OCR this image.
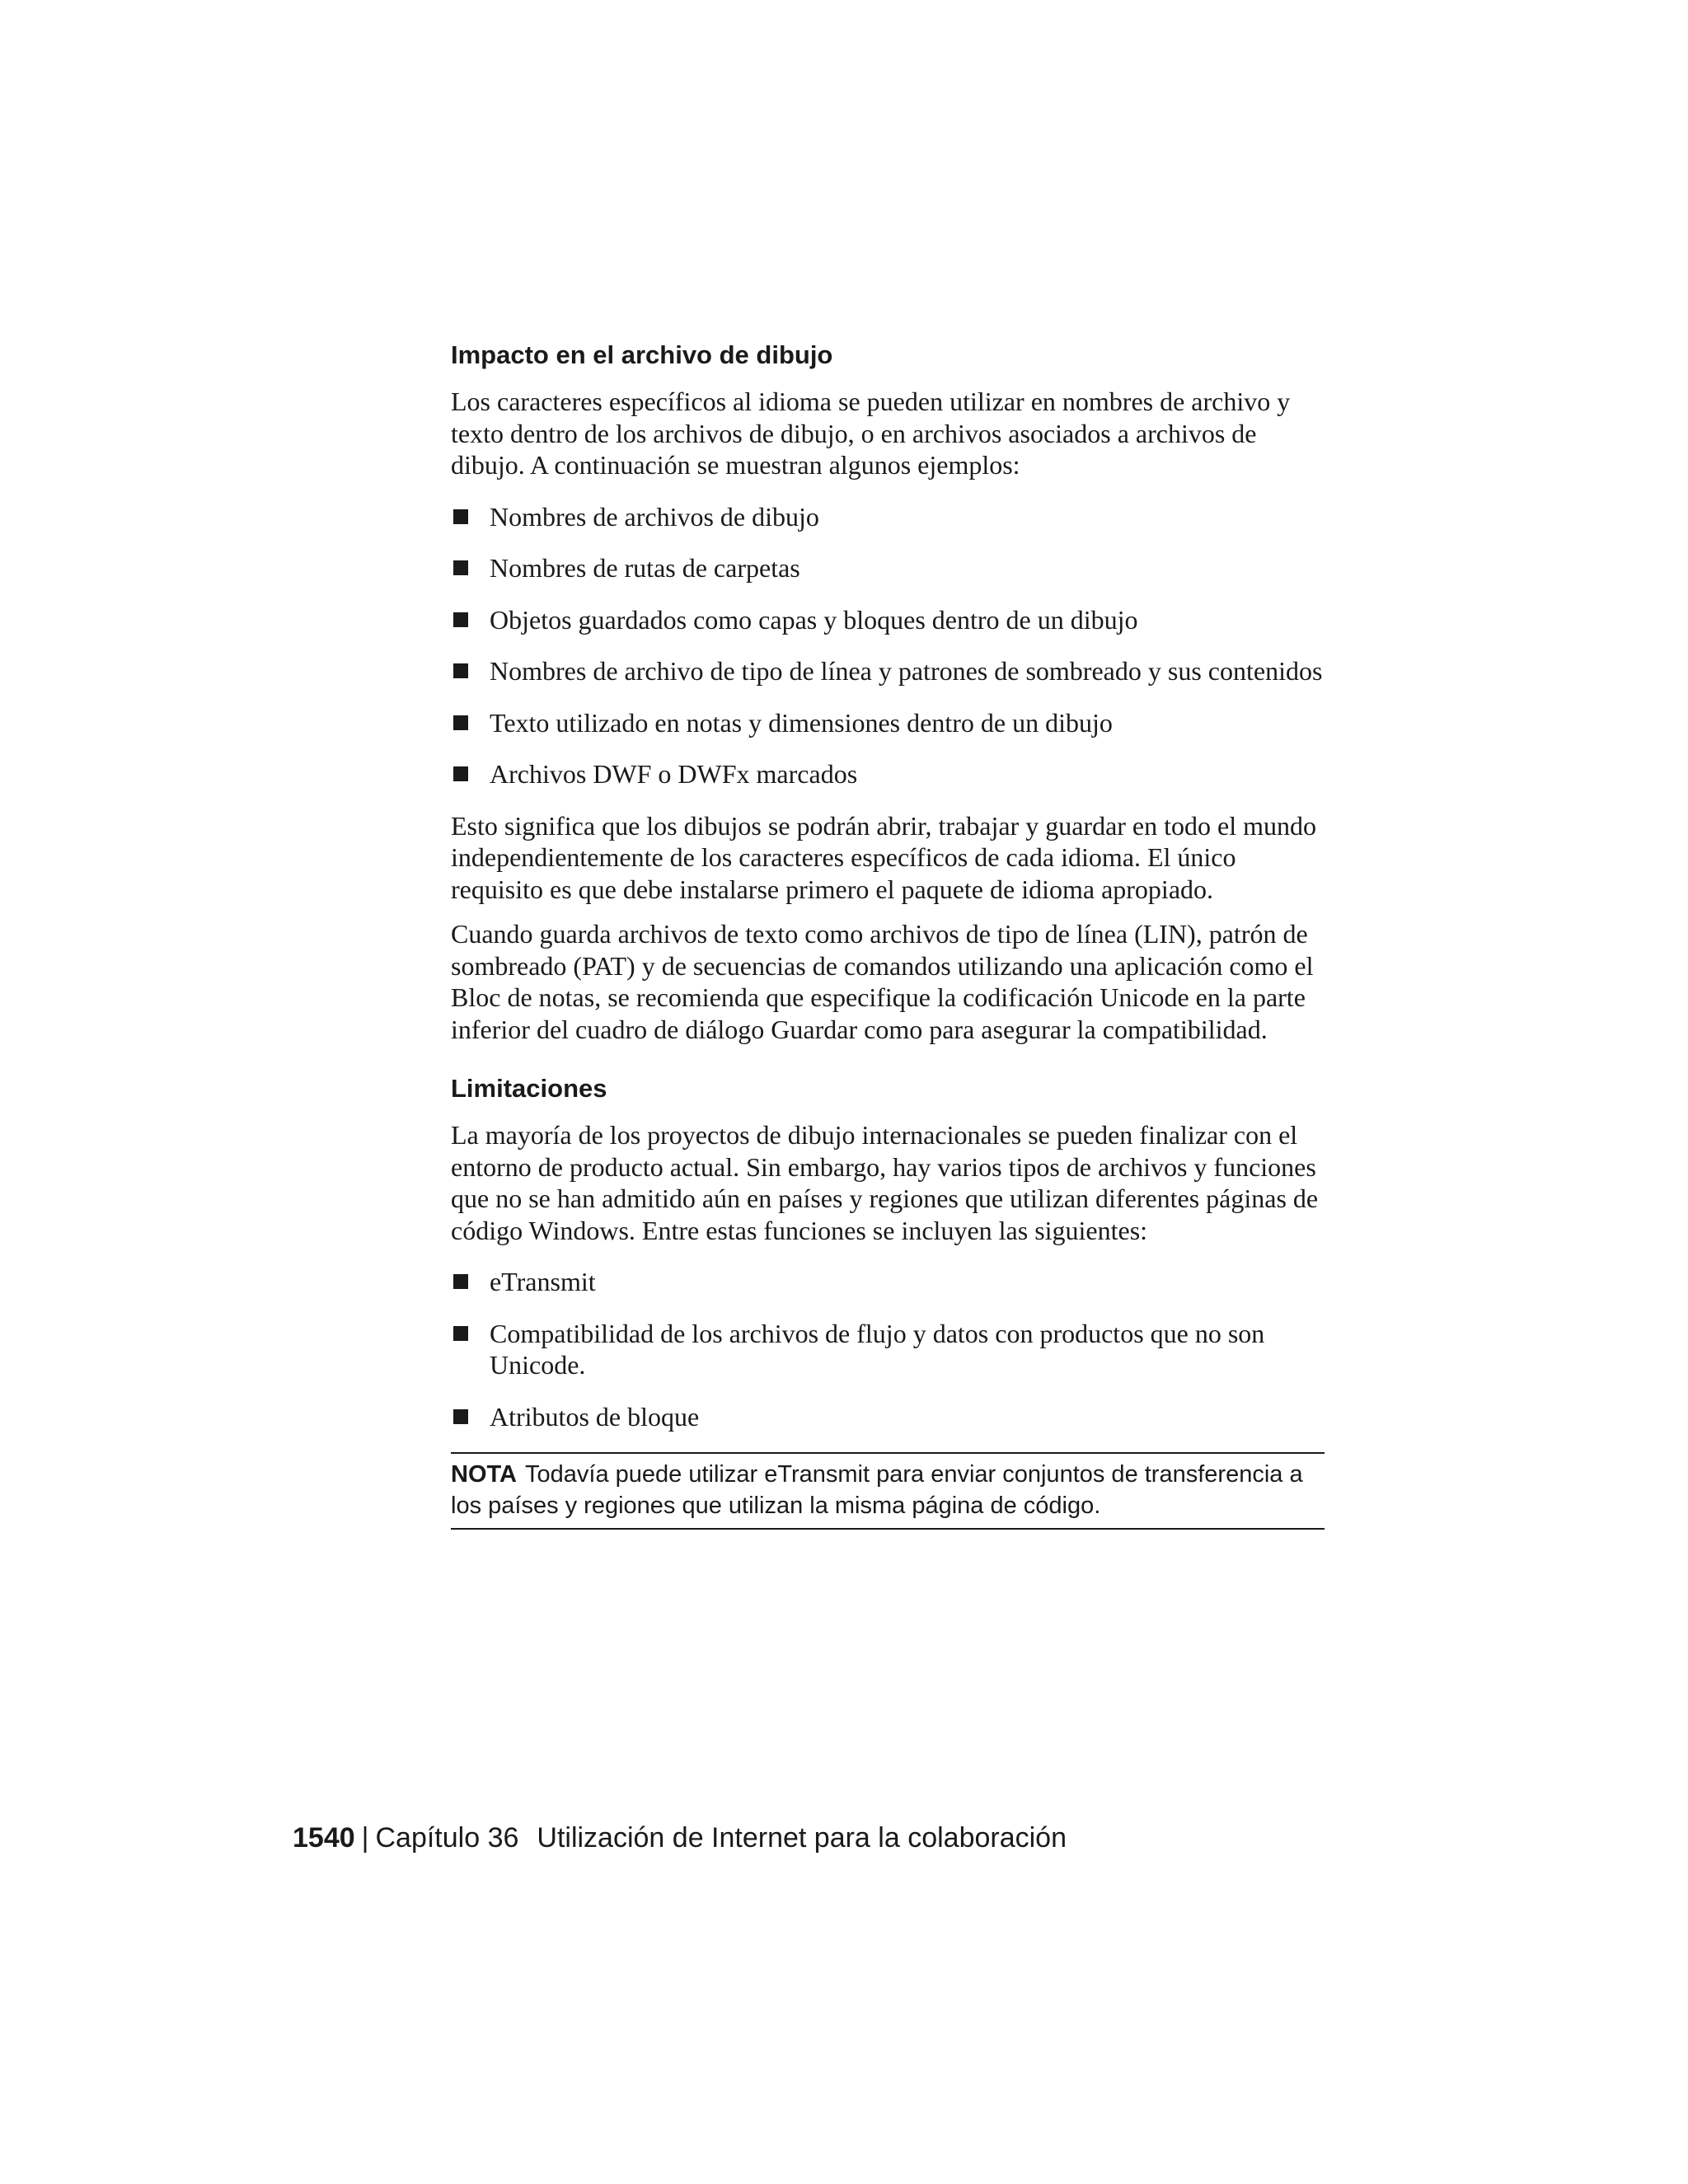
Impacto en el archivo de dibujo

Los caracteres específicos al idioma se pueden utilizar en nombres de archivo y texto dentro de los archivos de dibujo, o en archivos asociados a archivos de dibujo. A continuación se muestran algunos ejemplos:

Nombres de archivos de dibujo
Nombres de rutas de carpetas
Objetos guardados como capas y bloques dentro de un dibujo
Nombres de archivo de tipo de línea y patrones de sombreado y sus contenidos
Texto utilizado en notas y dimensiones dentro de un dibujo
Archivos DWF o DWFx marcados

Esto significa que los dibujos se podrán abrir, trabajar y guardar en todo el mundo independientemente de los caracteres específicos de cada idioma. El único requisito es que debe instalarse primero el paquete de idioma apropiado.

Cuando guarda archivos de texto como archivos de tipo de línea (LIN), patrón de sombreado (PAT) y de secuencias de comandos utilizando una aplicación como el Bloc de notas, se recomienda que especifique la codificación Unicode en la parte inferior del cuadro de diálogo Guardar como para asegurar la compatibilidad.

Limitaciones

La mayoría de los proyectos de dibujo internacionales se pueden finalizar con el entorno de producto actual. Sin embargo, hay varios tipos de archivos y funciones que no se han admitido aún en países y regiones que utilizan diferentes páginas de código Windows. Entre estas funciones se incluyen las siguientes:

eTransmit
Compatibilidad de los archivos de flujo y datos con productos que no son Unicode.
Atributos de bloque
NOTA Todavía puede utilizar eTransmit para enviar conjuntos de transferencia a los países y regiones que utilizan la misma página de código.
1540 | Capítulo 36 Utilización de Internet para la colaboración
